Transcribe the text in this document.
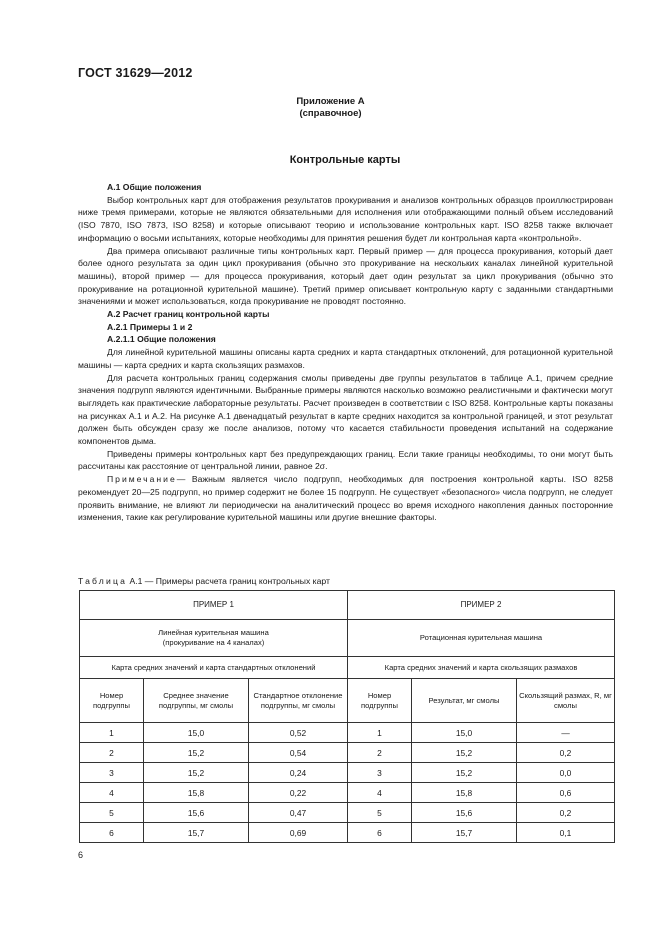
ГОСТ 31629—2012
Приложение А
(справочное)
Контрольные карты

А.1 Общие положения

Выбор контрольных карт для отображения результатов прокуривания и анализов контрольных образцов проиллюстрирован ниже тремя примерами, которые не являются обязательными для исполнения или отображающими полный объем исследований (ISO 7870, ISO 7873, ISO 8258) и которые описывают теорию и использование контрольных карт. ISO 8258 также включает информацию о восьми испытаниях, которые необходимы для принятия решения будет ли контрольная карта «контрольной».

Два примера описывают различные типы контрольных карт. Первый пример — для процесса прокуривания, который дает более одного результата за один цикл прокуривания (обычно это прокуривание на нескольких каналах линейной курительной машины), второй пример — для процесса прокуривания, который дает один результат за цикл прокуривания (обычно это прокуривание на ротационной курительной машине). Третий пример описывает контрольную карту с заданными стандартными значениями и может использоваться, когда прокуривание не проводят постоянно.

А.2 Расчет границ контрольной карты

А.2.1 Примеры 1 и 2

А.2.1.1 Общие положения

Для линейной курительной машины описаны карта средних и карта стандартных отклонений, для ротационной курительной машины — карта средних и карта скользящих размахов.

Для расчета контрольных границ содержания смолы приведены две группы результатов в таблице А.1, причем средние значения подгрупп являются идентичными. Выбранные примеры являются насколько возможно реалистичными и фактически могут выглядеть как практические лабораторные результаты. Расчет произведен в соответствии с ISO 8258. Контрольные карты показаны на рисунках А.1 и А.2. На рисунке А.1 двенадцатый результат в карте средних находится за контрольной границей, и этот результат должен быть обсужден сразу же после анализов, потому что касается стабильности проведения испытаний на содержание компонентов дыма.

Приведены примеры контрольных карт без предупреждающих границ. Если такие границы необходимы, то они могут быть рассчитаны как расстояние от центральной линии, равное 2σ.

Примечание— Важным является число подгрупп, необходимых для построения контрольной карты. ISO 8258 рекомендует 20—25 подгрупп, но пример содержит не более 15 подгрупп. Не существует «безопасного» числа подгрупп, не следует проявить внимание, не влияют ли периодически на аналитический процесс во время исходного накопления данных посторонние изменения, такие как регулирование курительной машины или другие внешние факторы.

Таблица А.1 — Примеры расчета границ контрольных карт
ПРИМЕР 1			ПРИМЕР 2		

Линейная курительная машина
(прокуривание на 4 каналах)			Ротационная курительная машина		
Карта средних значений и карта стандартных отклонений			Карта средних значений и карта скользящих размахов		
Номер подгруппы	Среднее значение подгруппы, мг смолы	Стандартное отклонение подгруппы, мг смолы	Номер подгруппы	Результат, мг смолы	Скользящий размах, R, мг смолы
1	15,0	0,52	1	15,0	—
2	15,2	0,54	2	15,2	0,2
3	15,2	0,24	3	15,2	0,0
4	15,8	0,22	4	15,8	0,6
5	15,6	0,47	5	15,6	0,2
6	15,7	0,69	6	15,7	0,1
6
